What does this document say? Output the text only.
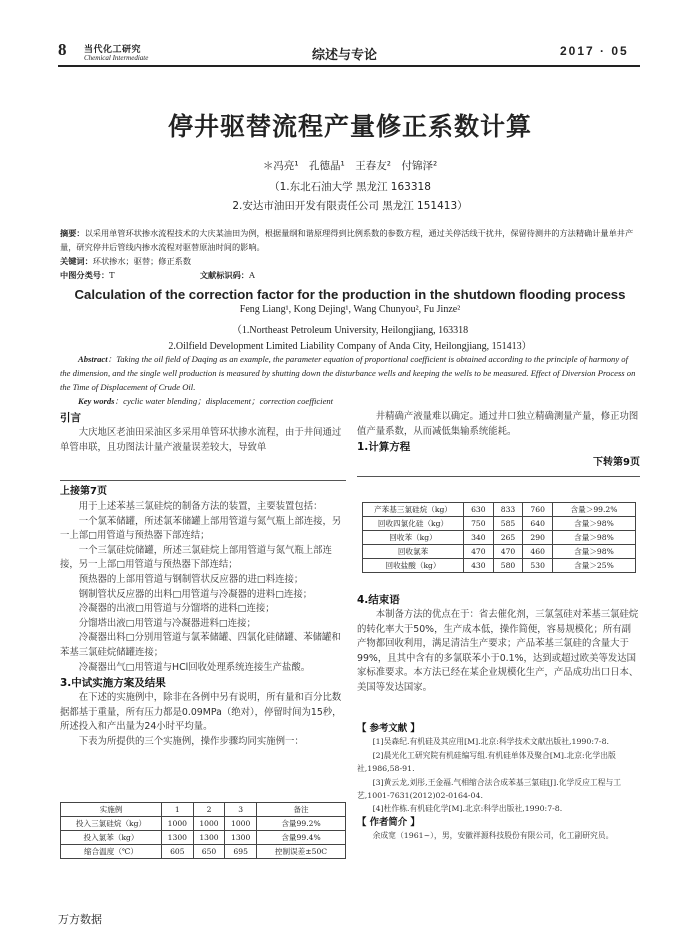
8 当代化工研究
Chemical Intermediate	综述与专论	2017 · 05
停井驱替流程产量修正系数计算
＊冯亮¹　孔德晶¹　王春友²　付锦泽²
（1.东北石油大学 黑龙江 163318
2.安达市油田开发有限责任公司 黑龙江 151413）
摘要：以采用单管环状掺水流程技术的大庆某油田为例，根据量纲和谐原理得到比例系数的参数方程，通过关停活线干扰井，保留待测井的方法精确计量单井产量，研究停井后管线内掺水流程对驱替原油时间的影响。
关键词：环状掺水；驱替；修正系数
中图分类号：T	文献标识码：A
Calculation of the correction factor for the production in the shutdown flooding process
Feng Liang¹, Kong Dejing¹, Wang Chunyou², Fu Jinze²
（1.Northeast Petroleum University, Heilongjiang, 163318
2.Oilfield Development Limited Liability Company of Anda City, Heilongjiang, 151413）
Abstract：Taking the oil field of Daqing as an example, the parameter equation of proportional coefficient is obtained according to the principle of harmony of the dimension, and the single well production is measured by shutting down the disturbance wells and keeping the wells to be measured. Effect of Diversion Process on the Time of Displacement of Crude Oil.
Key words：cyclic water blending；displacement；correction coefficient

引言

大庆地区老油田采油区多采用单管环状掺水流程，由于井间通过单管串联，且功图法计量产液量误差较大，导致单

井精确产液量难以确定。通过井口独立精确测量产量，修正功图值产量系数，从而减低集输系统能耗。

1.计算方程

下转第9页

上接第7页

用于上述苯基三氯硅烷的制备方法的装置，主要装置包括：

一个氯苯储罐，所述氯苯储罐上部用管道与氮气瓶上部连接，另一上部□用管道与预热器下部连结；

一个三氯硅烷储罐，所述三氯硅烷上部用管道与氮气瓶上部连接，另一上部□用管道与预热器下部连结；

预热器的上部用管道与钢制管状反应器的进□料连接；

钢制管状反应器的出料□用管道与冷凝器的进料□连接；

冷凝器的出液□用管道与分馏塔的进料□连接；

分馏塔出液□用管道与冷凝器进料□连接；

冷凝器出料□分别用管道与氯苯储罐、四氯化硅储罐、苯储罐和苯基三氯硅烷储罐连接；

冷凝器出气□用管道与HCl回收处理系统连接生产盐酸。

3.中试实施方案及结果

在下述的实施例中，除非在各例中另有说明，所有量和百分比数据都基于重量，所有压力都是0.09MPa（绝对），停留时间为15秒，所述投入和产出量为24小时平均量。

下表为所提供的三个实施例，操作步骤均同实施例一：

实施例	1	2	3	备注
投入三氯硅烷（kg）	1000	1000	1000	含量99.2%
投入氯苯（kg）	1300	1300	1300	含量99.4%
缩合温度（℃）	605	650	695	控制误差±50C
产苯基三氯硅烷（kg）	630	833	760	含量＞99.2%
回收四氯化硅（kg）	750	585	640	含量＞98%
回收苯（kg）	340	265	290	含量＞98%
回收氯苯	470	470	460	含量＞98%
回收盐酸（kg）	430	580	530	含量＞25%

4.结束语

本制备方法的优点在于：省去催化剂，三氯氢硅对苯基三氯硅烷的转化率大于50%，生产成本低，操作简便，容易规模化；所有副产物都回收利用，满足清洁生产要求；产品苯基三氯硅的含量大于99%，且其中含有的多氯联苯小于0.1%，达到或超过欧美等发达国家标准要求。本方法已经在某企业规模化生产，产品成功出口日本、美国等发达国家。

【 参考文献 】

[1]吴森纪.有机硅及其应用[M].北京:科学技术文献出版社,1990:7-8.

[2]晨光化工研究院有机硅编写组.有机硅单体及聚合[M].北京:化学出版社,1986,58-91.

[3]黄云龙,刘彤,王金福.气相缩合法合成苯基三氯硅[J].化学反应工程与工艺,1001-7631(2012)02-0164-04.

[4]杜作栋.有机硅化学[M].北京:科学出版社,1990:7-8.

【 作者简介 】

余成宽（1961~），男，安徽祥源科技股份有限公司，化工副研究员。

万方数据
